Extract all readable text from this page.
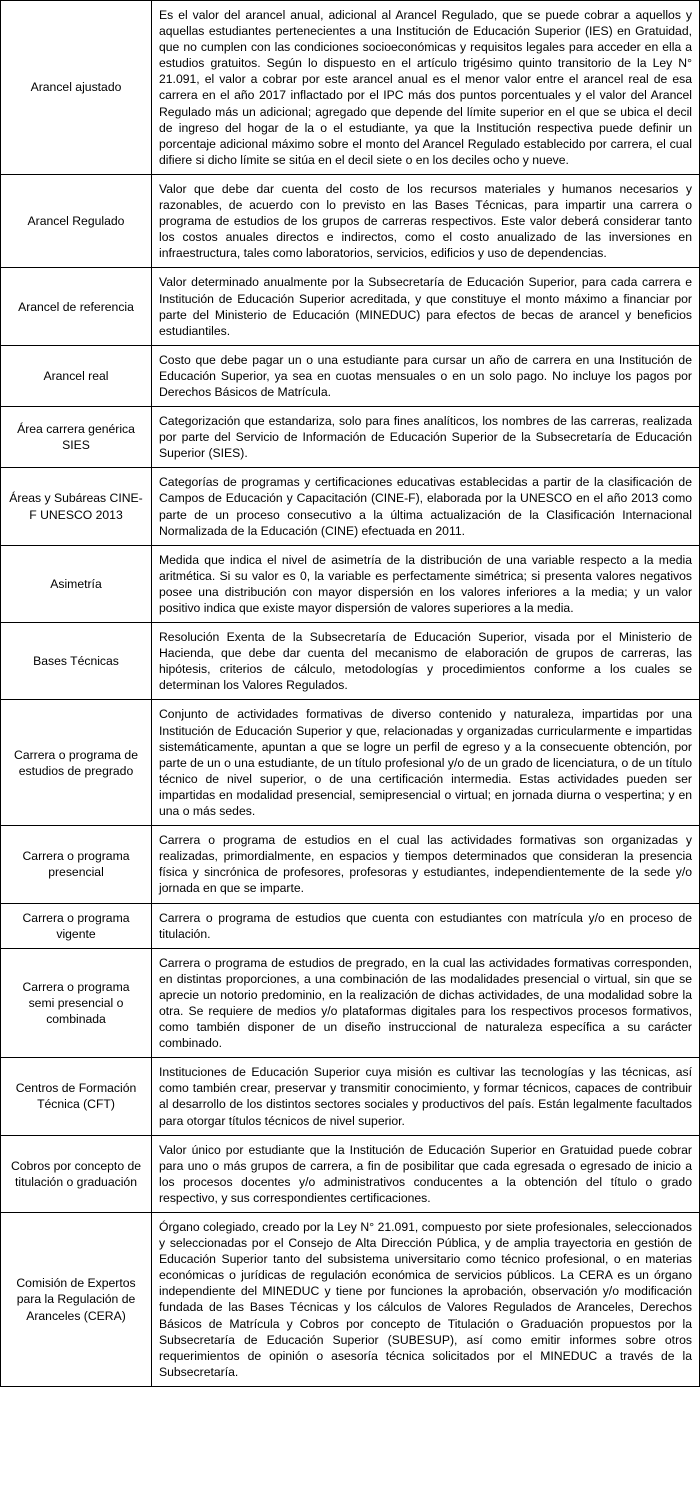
Arancel ajustado	Es el valor del arancel anual, adicional al Arancel Regulado, que se puede cobrar a aquellos y aquellas estudiantes pertenecientes a una Institución de Educación Superior (IES) en Gratuidad, que no cumplen con las condiciones socioeconómicas y requisitos legales para acceder en ella a estudios gratuitos. Según lo dispuesto en el artículo trigésimo quinto transitorio de la Ley N° 21.091, el valor a cobrar por este arancel anual es el menor valor entre el arancel real de esa carrera en el año 2017 inflactado por el IPC más dos puntos porcentuales y el valor del Arancel Regulado más un adicional; agregado que depende del límite superior en el que se ubica el decil de ingreso del hogar de la o el estudiante, ya que la Institución respectiva puede definir un porcentaje adicional máximo sobre el monto del Arancel Regulado establecido por carrera, el cual difiere si dicho límite se sitúa en el decil siete o en los deciles ocho y nueve.

Arancel Regulado	Valor que debe dar cuenta del costo de los recursos materiales y humanos necesarios y razonables, de acuerdo con lo previsto en las Bases Técnicas, para impartir una carrera o programa de estudios de los grupos de carreras respectivos. Este valor deberá considerar tanto los costos anuales directos e indirectos, como el costo anualizado de las inversiones en infraestructura, tales como laboratorios, servicios, edificios y uso de dependencias.

Arancel de referencia	Valor determinado anualmente por la Subsecretaría de Educación Superior, para cada carrera e Institución de Educación Superior acreditada, y que constituye el monto máximo a financiar por parte del Ministerio de Educación (MINEDUC) para efectos de becas de arancel y beneficios estudiantiles.

Arancel real	Costo que debe pagar un o una estudiante para cursar un año de carrera en una Institución de Educación Superior, ya sea en cuotas mensuales o en un solo pago. No incluye los pagos por Derechos Básicos de Matrícula.

Área carrera genérica SIES	Categorización que estandariza, solo para fines analíticos, los nombres de las carreras, realizada por parte del Servicio de Información de Educación Superior de la Subsecretaría de Educación Superior (SIES).

Áreas y Subáreas CINE-F UNESCO 2013	Categorías de programas y certificaciones educativas establecidas a partir de la clasificación de Campos de Educación y Capacitación (CINE-F), elaborada por la UNESCO en el año 2013 como parte de un proceso consecutivo a la última actualización de la Clasificación Internacional Normalizada de la Educación (CINE) efectuada en 2011.

Asimetría	Medida que indica el nivel de asimetría de la distribución de una variable respecto a la media aritmética. Si su valor es 0, la variable es perfectamente simétrica; si presenta valores negativos posee una distribución con mayor dispersión en los valores inferiores a la media; y un valor positivo indica que existe mayor dispersión de valores superiores a la media.

Bases Técnicas	Resolución Exenta de la Subsecretaría de Educación Superior, visada por el Ministerio de Hacienda, que debe dar cuenta del mecanismo de elaboración de grupos de carreras, las hipótesis, criterios de cálculo, metodologías y procedimientos conforme a los cuales se determinan los Valores Regulados.

Carrera o programa de estudios de pregrado	Conjunto de actividades formativas de diverso contenido y naturaleza, impartidas por una Institución de Educación Superior y que, relacionadas y organizadas curricularmente e impartidas sistemáticamente, apuntan a que se logre un perfil de egreso y a la consecuente obtención, por parte de un o una estudiante, de un título profesional y/o de un grado de licenciatura, o de un título técnico de nivel superior, o de una certificación intermedia. Estas actividades pueden ser impartidas en modalidad presencial, semipresencial o virtual; en jornada diurna o vespertina; y en una o más sedes.

Carrera o programa presencial	Carrera o programa de estudios en el cual las actividades formativas son organizadas y realizadas, primordialmente, en espacios y tiempos determinados que consideran la presencia física y sincrónica de profesores, profesoras y estudiantes, independientemente de la sede y/o jornada en que se imparte.

Carrera o programa vigente	Carrera o programa de estudios que cuenta con estudiantes con matrícula y/o en proceso de titulación.

Carrera o programa semi presencial o combinada	Carrera o programa de estudios de pregrado, en la cual las actividades formativas corresponden, en distintas proporciones, a una combinación de las modalidades presencial o virtual, sin que se aprecie un notorio predominio, en la realización de dichas actividades, de una modalidad sobre la otra. Se requiere de medios y/o plataformas digitales para los respectivos procesos formativos, como también disponer de un diseño instruccional de naturaleza específica a su carácter combinado.

Centros de Formación Técnica (CFT)	Instituciones de Educación Superior cuya misión es cultivar las tecnologías y las técnicas, así como también crear, preservar y transmitir conocimiento, y formar técnicos, capaces de contribuir al desarrollo de los distintos sectores sociales y productivos del país. Están legalmente facultados para otorgar títulos técnicos de nivel superior.

Cobros por concepto de titulación o graduación	Valor único por estudiante que la Institución de Educación Superior en Gratuidad puede cobrar para uno o más grupos de carrera, a fin de posibilitar que cada egresada o egresado de inicio a los procesos docentes y/o administrativos conducentes a la obtención del título o grado respectivo, y sus correspondientes certificaciones.

Comisión de Expertos para la Regulación de Aranceles (CERA)	Órgano colegiado, creado por la Ley N° 21.091, compuesto por siete profesionales, seleccionados y seleccionadas por el Consejo de Alta Dirección Pública, y de amplia trayectoria en gestión de Educación Superior tanto del subsistema universitario como técnico profesional, o en materias económicas o jurídicas de regulación económica de servicios públicos. La CERA es un órgano independiente del MINEDUC y tiene por funciones la aprobación, observación y/o modificación fundada de las Bases Técnicas y los cálculos de Valores Regulados de Aranceles, Derechos Básicos de Matrícula y Cobros por concepto de Titulación o Graduación propuestos por la Subsecretaría de Educación Superior (SUBESUP), así como emitir informes sobre otros requerimientos de opinión o asesoría técnica solicitados por el MINEDUC a través de la Subsecretaría.
